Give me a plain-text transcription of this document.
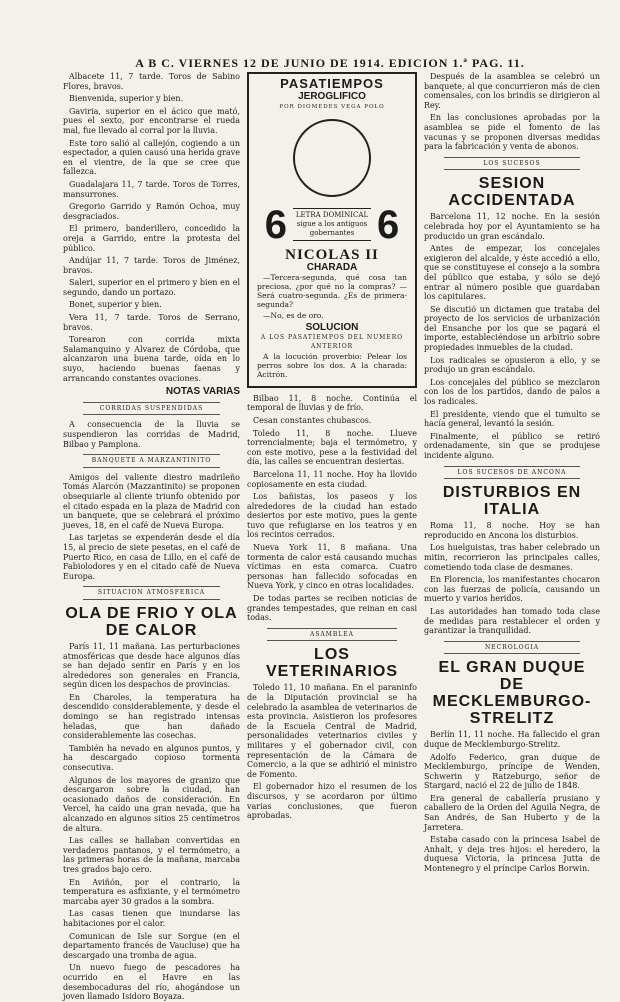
A B C. VIERNES 12 DE JUNIO DE 1914. EDICION 1.ª PAG. 11.

Albacete 11, 7 tarde. Toros de Sabino Flores, bravos.

Bienvenida, superior y bien.

Gaviria, superior en el ácico que mató, pues el sexto, por encontrarse el rueda mal, fue llevado al corral por la lluvia.

Este toro salió al callejón, cogiendo a un espectador, a quien causó una herida grave en el vientre, de la que se cree que fallezca.

Guadalajara 11, 7 tarde. Toros de Torres, mansurrones.

Gregorio Garrido y Ramón Ochoa, muy desgraciados.

El primero, banderillero, concedido la oreja a Garrido, entre la protesta del público.

Andújar 11, 7 tarde. Toros de Jiménez, bravos.

Saleri, superior en el primero y bien en el segundo, dando un portazo.

Bonet, superior y bien.

Vera 11, 7 tarde. Toros de Serrano, bravos.

Torearon con corrida mixta Salamanquino y Alvarez de Córdoba, que alcanzaron una buena tarde, oída en lo suyo, haciendo buenas faenas y arrancando constantes ovaciones.

NOTAS VARIAS
CORRIDAS SUSPENDIDAS

A consecuencia de la lluvia se suspendieron las corridas de Madrid, Bilbao y Pamplona.

BANQUETE A MARZANTINITO

Amigos del valiente diestro madrileño Tomás Alarcón (Mazzantinito) se proponen obsequiarle al cliente triunfo obtenido por el citado espada en la plaza de Madrid con un banquete, que se celebrará el próximo jueves, 18, en el café de Nueva Europa.

Las tarjetas se expenderán desde el día 15, al precio de siete pesetas, en el café de Puerto Rico, en casa de Lillo, en el café de Fabiolodores y en el citado café de Nueva Europa.

SITUACION ATMOSFERICA
OLA DE FRIO Y OLA DE CALOR

París 11, 11 mañana. Las perturbaciones atmosféricas que desde hace algunos días se han dejado sentir en París y en los alrededores son generales en Francia, según dicen los despachos de provincias.

En Charoles, la temperatura ha descendido considerablemente, y desde el domingo se han registrado intensas heladas, que han dañado considerablemente las cosechas.

También ha nevado en algunos puntos, y ha descargado copioso tormenta consecutiva.

Algunos de los mayores de granizo que descargaron sobre la ciudad, han ocasionado daños de consideración. En Vercel, ha caído una gran nevada, que ha alcanzado en algunos sitios 25 centímetros de altura.

Las calles se hallaban convertidas en verdaderos pantanos, y el termómetro, a las primeras horas de la mañana, marcaba tres grados bajo cero.

En Aviñón, por el contrario, la temperatura es asfixiante, y el termómetro marcaba ayer 30 grados a la sombra.

Las casas tienen que inundarse las habitaciones por el calor.

Comunican de Isle sur Sorgue (en el departamento francés de Vaucluse) que ha descargado una tromba de agua.

Un nuevo fuego de pescadores ha ocurrido en el Havre en las desembocaduras del río, ahogándose un joven llamado Isidoro Boyaza.

PASATIEMPOS
JEROGLIFICO
POR DIOMEDES VEGA POLO
6	LETRA DOMINICAL sigue a los antiguos gobernantes 6
NICOLAS II
CHARADA

—Tercera-segunda, qué cosa tan preciosa, ¿por qué no la compras? —Será cuatro-segunda. ¿Es de primera-segunda?

—No, es de oro.

SOLUCION
A LOS PASATIEMPOS DEL NUMERO ANTERIOR

A la locución proverbio: Pelear los perros sobre los dos. A la charada: Acitrón.

Bilbao 11, 8 noche. Continúa el temporal de lluvias y de frío.

Cesan constantes chubascos.

Toledo 11, 8 noche. Llueve torrencialmente; baja el termómetro, y con este motivo, pese a la festividad del día, las calles se encuentran desiertas.

Barcelona 11, 11 noche. Hoy ha llovido copiosamente en esta ciudad.

Los bañistas, los paseos y los alrededores de la ciudad han estado desiertos por este motivo, pues la gente tuvo que refugiarse en los teatros y en los recintos cerrados.

Nueva York 11, 8 mañana. Una tormenta de calor está causando muchas víctimas en esta comarca. Cuatro personas han fallecido sofocadas en Nueva York, y cinco en otras localidades.

De todas partes se reciben noticias de grandes tempestades, que reinan en casi todas.

ASAMBLEA
LOS VETERINARIOS

Toledo 11, 10 mañana. En el paraninfo de la Diputación provincial se ha celebrado la asamblea de veterinarios de esta provincia. Asistieron los profesores de la Escuela Central de Madrid, personalidades veterinarios civiles y militares y el gobernador civil, con representación de la Cámara de Comercio, a la que se adhirió el ministro de Fomento.

El gobernador hizo el resumen de los discursos, y se acordaron por último varias conclusiones, que fueron aprobadas.

Después de la asamblea se celebró un banquete, al que concurrieron más de cien comensales, con los brindis se dirigieron al Rey.

En las conclusiones aprobadas por la asamblea se pide el fomento de las vacunas y se proponen diversas medidas para la fabricación y venta de abonos.

LOS SUCESOS
SESION ACCIDENTADA

Barcelona 11, 12 noche. En la sesión celebrada hoy por el Ayuntamiento se ha producido un gran escándalo.

Antes de empezar, los concejales exigieron del alcalde, y éste accedió a ello, que se constituyese el consejo a la sombra del público que estaba, y sólo se dejó entrar al número posible que guardaban los capitulares.

Se discutió un dictamen que trataba del proyecto de los servicios de urbanización del Ensanche por los que se pagará el importe, estableciéndose un arbitrio sobre propiedades inmuebles de la ciudad.

Los radicales se opusieron a ello, y se produjo un gran escándalo.

Los concejales del público se mezclaron con los de los partidos, dando de palos a los radicales.

El presidente, viendo que el tumulto se hacía general, levantó la sesión.

Finalmente, el público se retiró ordenadamente, sin que se produjese incidente alguno.

LOS SUCESOS DE ANCONA
DISTURBIOS EN ITALIA

Roma 11, 8 noche. Hoy se han reproducido en Ancona los disturbios.

Los huelguistas, tras haber celebrado un mitin, recorrieron las principales calles, cometiendo toda clase de desmanes.

En Florencia, los manifestantes chocaron con las fuerzas de policía, causando un muerto y varios heridos.

Las autoridades han tomado toda clase de medidas para restablecer el orden y garantizar la tranquilidad.

NECROLOGIA
EL GRAN DUQUE DE MECKLEMBURGO-STRELITZ

Berlín 11, 11 noche. Ha fallecido el gran duque de Mecklemburgo-Strelitz.

Adolfo Federico, gran duque de Mecklemburgo, príncipe de Wenden, Schwerin y Ratzeburgo, señor de Stargard, nació el 22 de julio de 1848.

Era general de caballería prusiano y caballero de la Orden del Aguila Negra, de San Andrés, de San Huberto y de la Jarretera.

Estaba casado con la princesa Isabel de Anhalt, y deja tres hijos: el heredero, la duquesa Victoria, la princesa Jutta de Montenegro y el príncipe Carlos Borwin.
